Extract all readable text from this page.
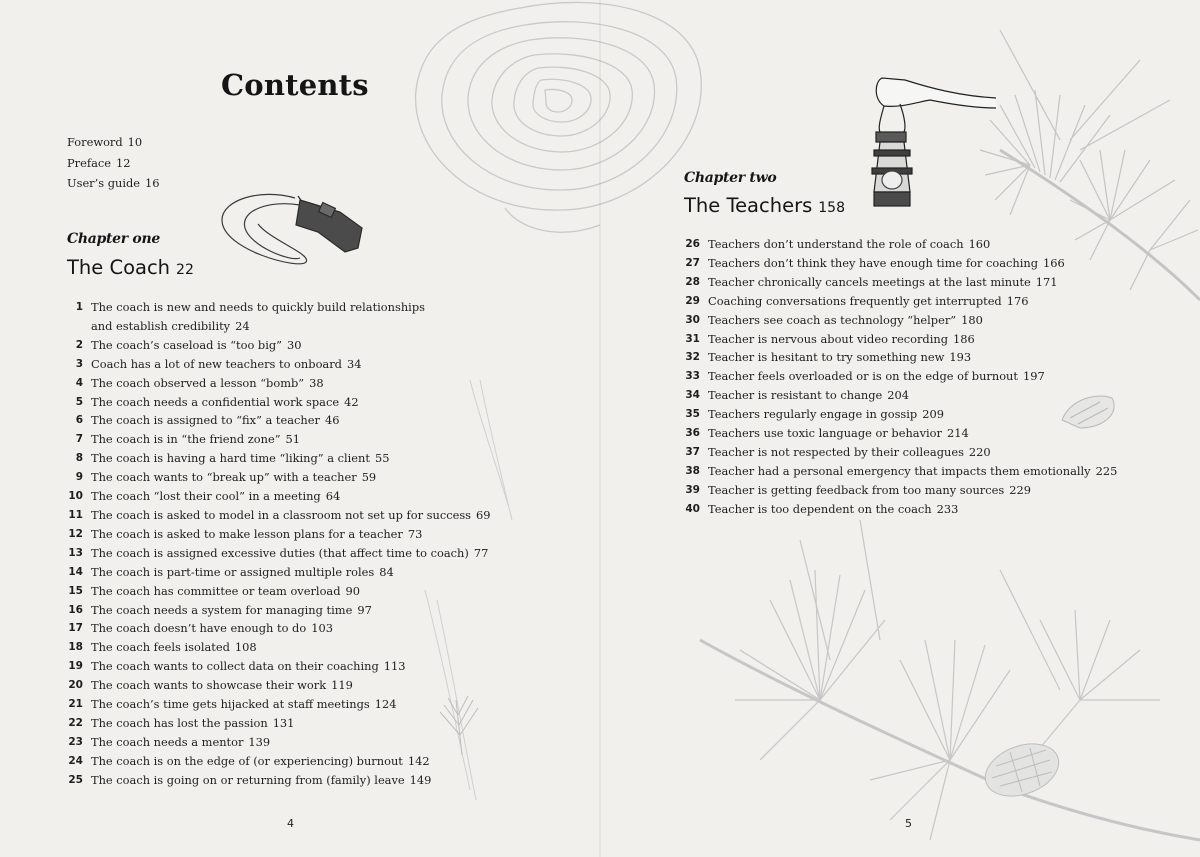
Contents
Foreword 10
Preface 12
User’s guide 16
Chapter one
The Coach 22
1 The coach is new and needs to quickly build relationships
and establish credibility 24
2 The coach’s caseload is “too big” 30
3 Coach has a lot of new teachers to onboard 34
4 The coach observed a lesson “bomb” 38
5 The coach needs a confidential work space 42
6 The coach is assigned to “fix” a teacher 46
7 The coach is in “the friend zone” 51
8 The coach is having a hard time “liking” a client 55
9 The coach wants to “break up” with a teacher 59
10 The coach “lost their cool” in a meeting 64
11 The coach is asked to model in a classroom not set up for success 69
12 The coach is asked to make lesson plans for a teacher 73
13 The coach is assigned excessive duties (that affect time to coach) 77
14 The coach is part-time or assigned multiple roles 84
15 The coach has committee or team overload 90
16 The coach needs a system for managing time 97
17 The coach doesn’t have enough to do 103
18 The coach feels isolated 108
19 The coach wants to collect data on their coaching 113
20 The coach wants to showcase their work 119
21 The coach’s time gets hijacked at staff meetings 124
22 The coach has lost the passion 131
23 The coach needs a mentor 139
24 The coach is on the edge of (or experiencing) burnout 142
25 The coach is going on or returning from (family) leave 149
4
Chapter two
The Teachers 158
26 Teachers don’t understand the role of coach 160
27 Teachers don’t think they have enough time for coaching 166
28 Teacher chronically cancels meetings at the last minute 171
29 Coaching conversations frequently get interrupted 176
30 Teachers see coach as technology “helper” 180
31 Teacher is nervous about video recording 186
32 Teacher is hesitant to try something new 193
33 Teacher feels overloaded or is on the edge of burnout 197
34 Teacher is resistant to change 204
35 Teachers regularly engage in gossip 209
36 Teachers use toxic language or behavior 214
37 Teacher is not respected by their colleagues 220
38 Teacher had a personal emergency that impacts them emotionally 225
39 Teacher is getting feedback from too many sources 229
40 Teacher is too dependent on the coach 233
5
